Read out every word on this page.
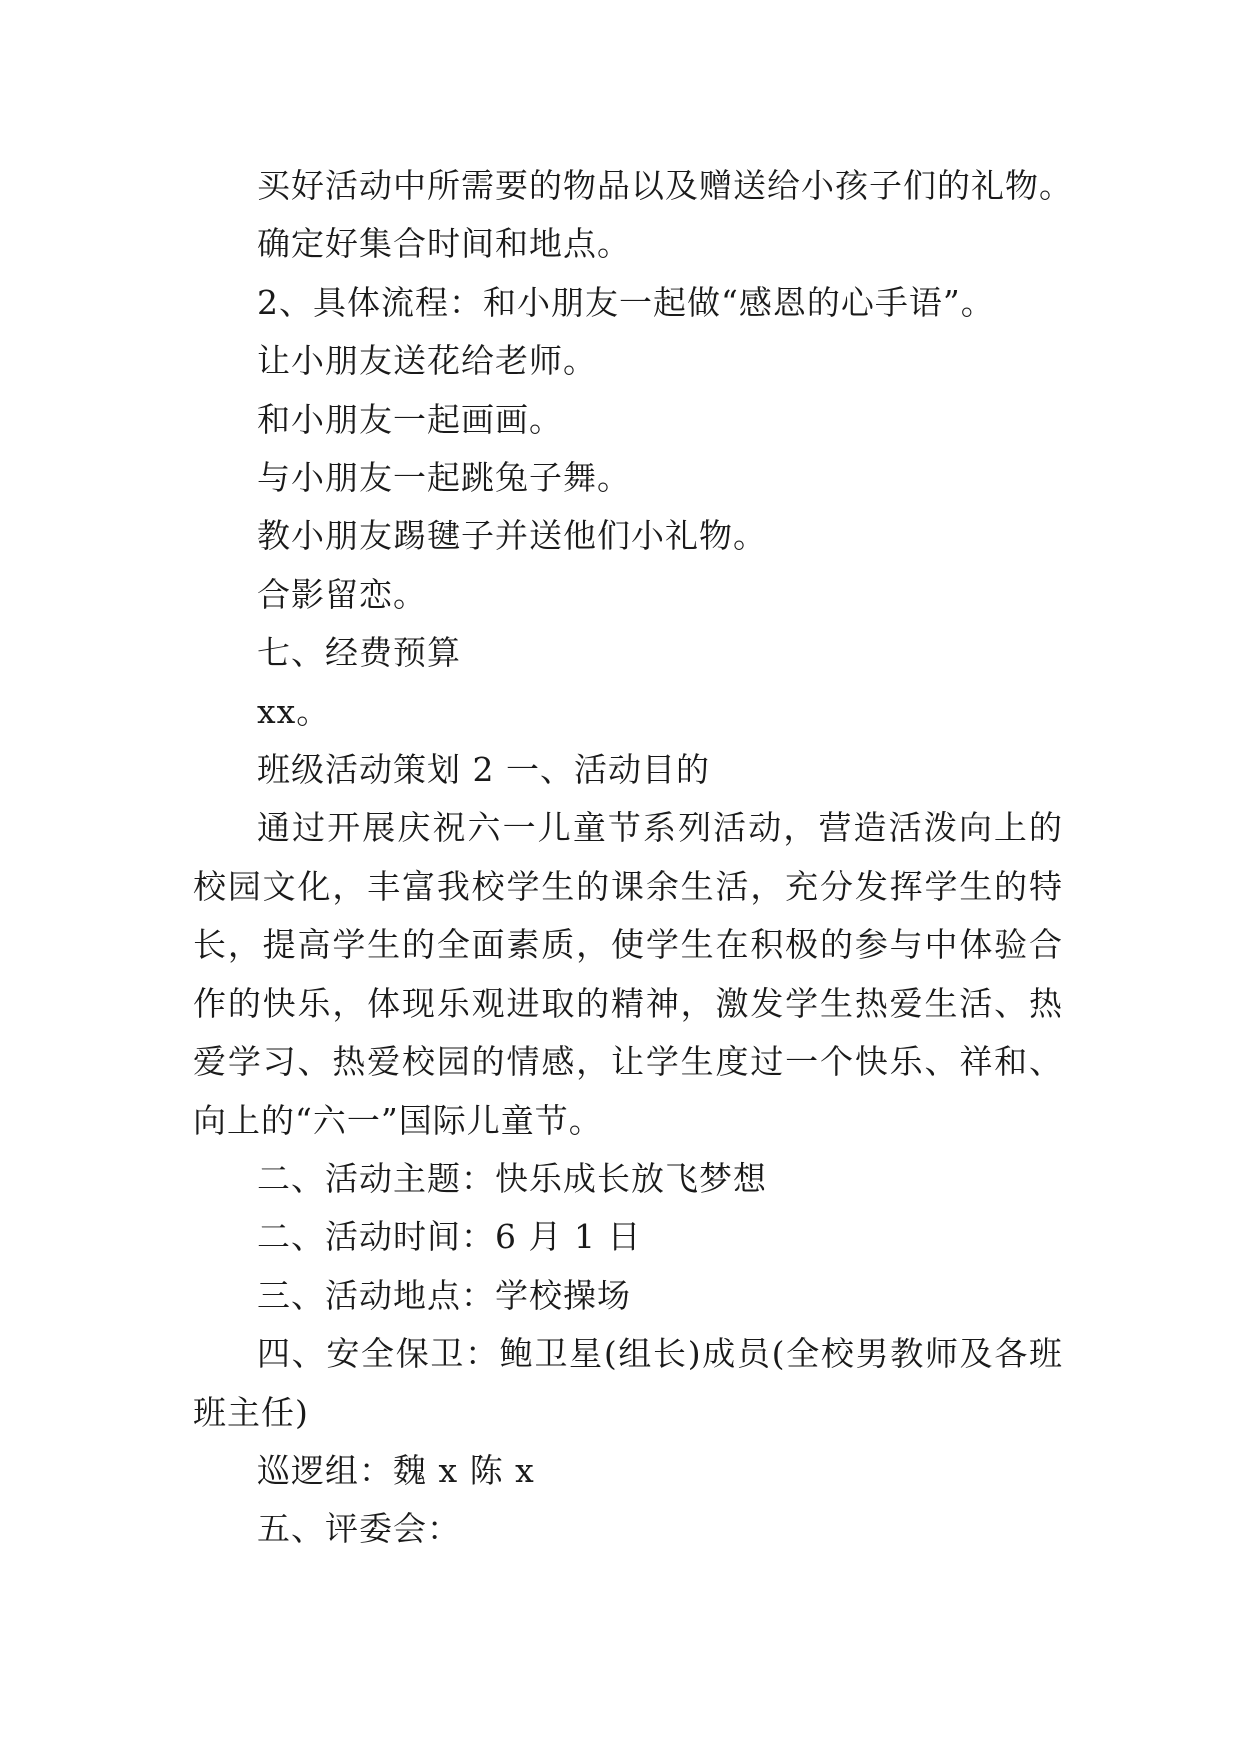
买好活动中所需要的物品以及赠送给小孩子们的礼物。

确定好集合时间和地点。

2、具体流程：和小朋友一起做“感恩的心手语”。

让小朋友送花给老师。

和小朋友一起画画。

与小朋友一起跳兔子舞。

教小朋友踢毽子并送他们小礼物。

合影留恋。

七、经费预算

xx。

班级活动策划 2 一、活动目的

通过开展庆祝六一儿童节系列活动，营造活泼向上的校园文化，丰富我校学生的课余生活，充分发挥学生的特长，提高学生的全面素质，使学生在积极的参与中体验合作的快乐，体现乐观进取的精神，激发学生热爱生活、热爱学习、热爱校园的情感，让学生度过一个快乐、祥和、向上的“六一”国际儿童节。

二、活动主题：快乐成长放飞梦想

二、活动时间：6 月 1 日

三、活动地点：学校操场

四、安全保卫：鲍卫星(组长)成员(全校男教师及各班班主任)

巡逻组：魏 x 陈 x

五、评委会：
